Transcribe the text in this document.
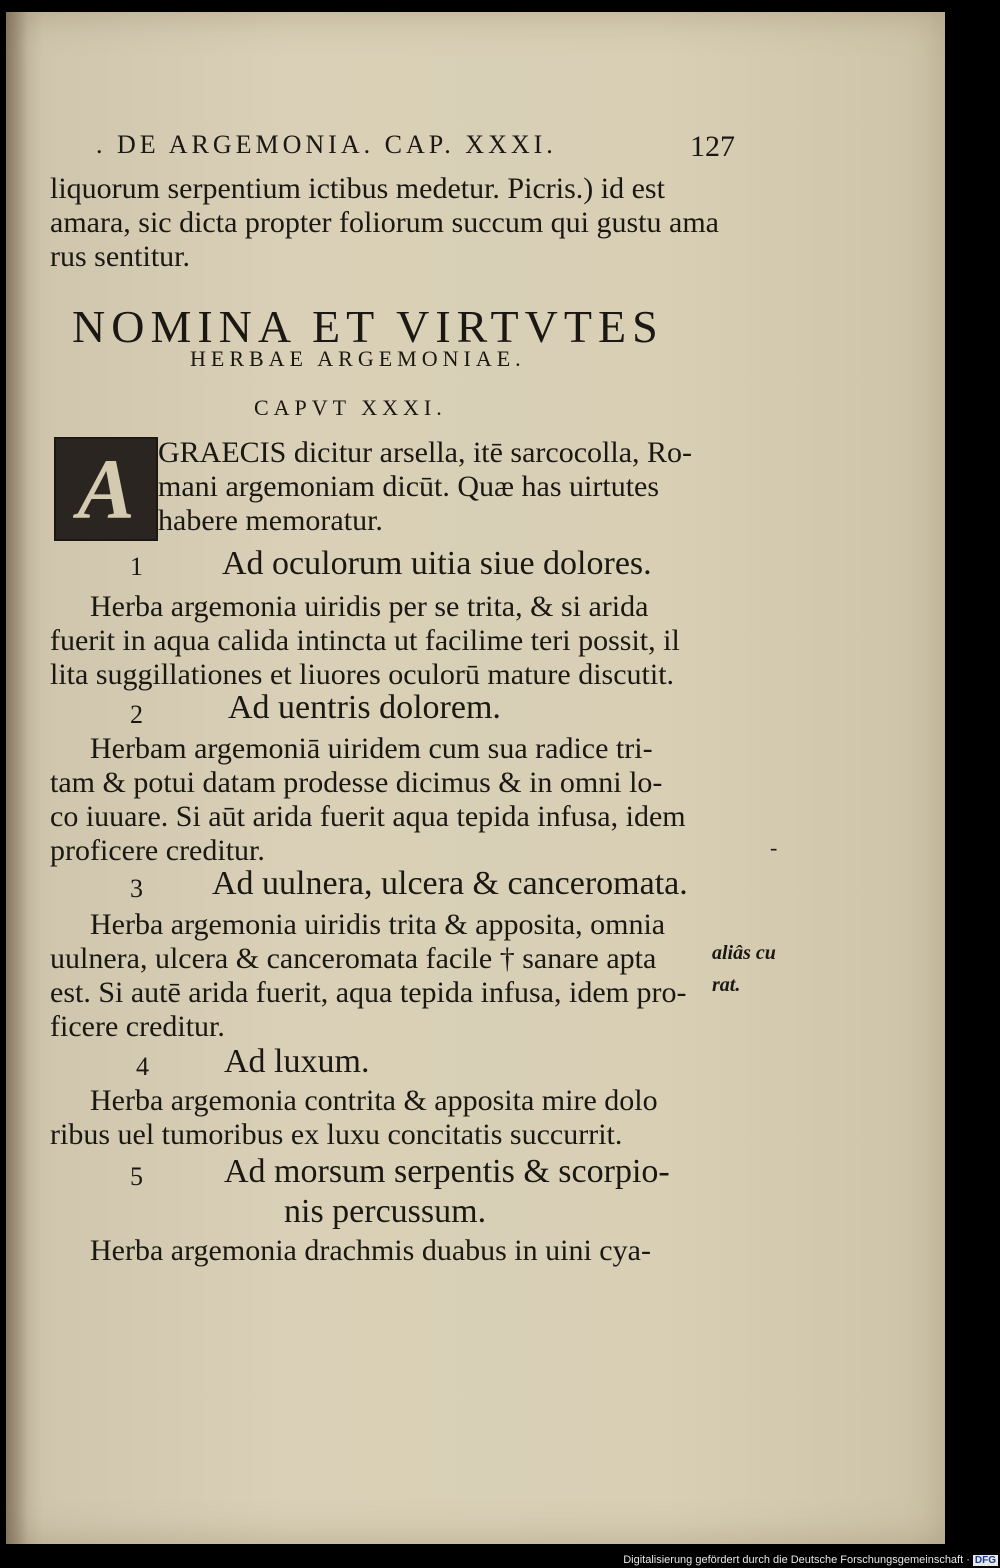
. DE ARGEMONIA. CAP. XXXI.	127
liquorum serpentium ictibus medetur. Picris.) id est
amara, sic dicta propter foliorum succum qui gustu ama
rus sentitur.
NOMINA ET VIRTVTES
HERBAE ARGEMONIAE.
CAPVT XXXI.
A GRAECIS dicitur arsella, itē sarcocolla, Ro-
mani argemoniam dicūt. Quæ has uirtutes
habere memoratur.
1 Ad oculorum uitia siue dolores.
Herba argemonia uiridis per se trita, & si arida
fuerit in aqua calida intincta ut facilime teri possit, il
lita suggillationes et liuores oculorū mature discutit.
2	Ad uentris dolorem.
Herbam argemoniā uiridem cum sua radice tri-
tam & potui datam prodesse dicimus & in omni lo-
co iuuare. Si aūt arida fuerit aqua tepida infusa, idem
proficere creditur.
3 Ad uulnera, ulcera & canceromata.
Herba argemonia uiridis trita & apposita, omnia
uulnera, ulcera & canceromata facile † sanare apta
est. Si autē arida fuerit, aqua tepida infusa, idem pro-
ficere creditur.
4 Ad luxum.
Herba argemonia contrita & apposita mire dolo
ribus uel tumoribus ex luxu concitatis succurrit.
5 Ad morsum serpentis & scorpio-
nis percussum.
Herba argemonia drachmis duabus in uini cya-
aliâs cu
rat.
-
Digitalisierung gefördert durch die Deutsche Forschungsgemeinschaft · DFG
